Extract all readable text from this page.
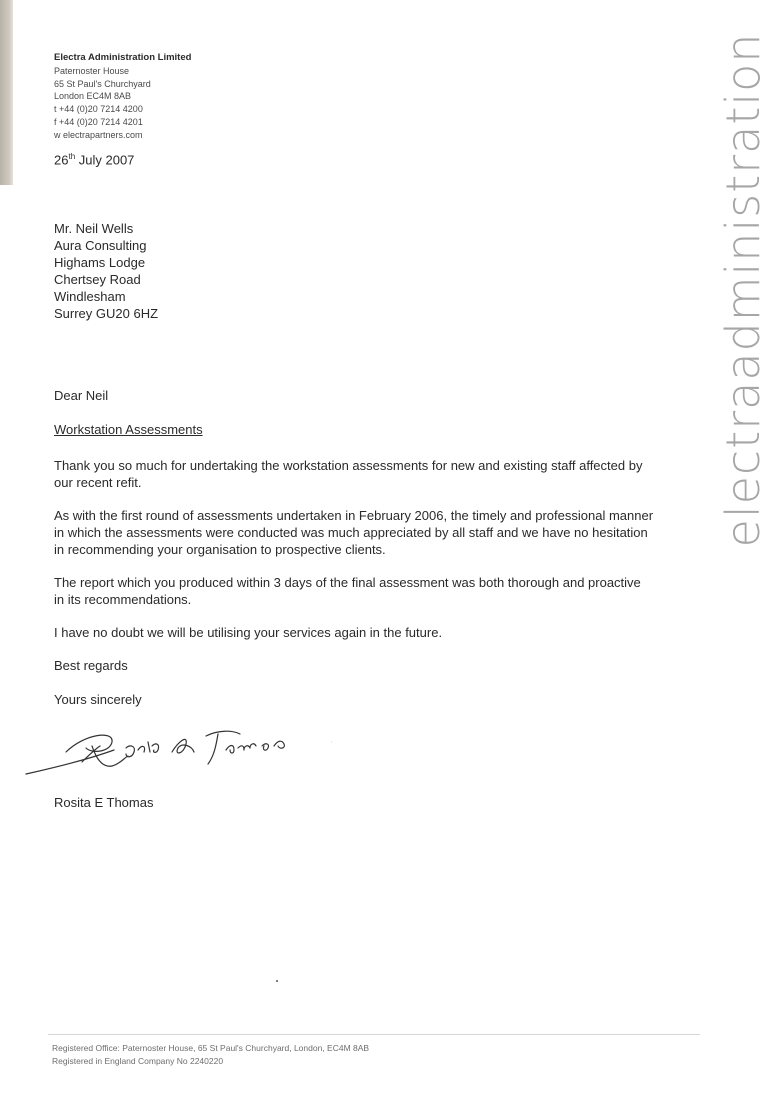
Electra Administration Limited
Paternoster House
65 St Paul's Churchyard
London EC4M 8AB
t +44 (0)20 7214 4200
f +44 (0)20 7214 4201
w electrapartners.com
26th July 2007
Mr. Neil Wells
Aura Consulting
Highams Lodge
Chertsey Road
Windlesham
Surrey GU20 6HZ
Dear Neil
Workstation Assessments
Thank you so much for undertaking the workstation assessments for new and existing staff affected by our recent refit.
As with the first round of assessments undertaken in February 2006, the timely and professional manner in which the assessments were conducted was much appreciated by all staff and we have no hesitation in recommending your organisation to prospective clients.
The report which you produced within 3 days of the final assessment was both thorough and proactive in its recommendations.
I have no doubt we will be utilising your services again in the future.
Best regards
Yours sincerely
Rosita E Thomas
electraadministration
Registered Office: Paternoster House, 65 St Paul's Churchyard, London, EC4M 8AB
Registered in England Company No 2240220
